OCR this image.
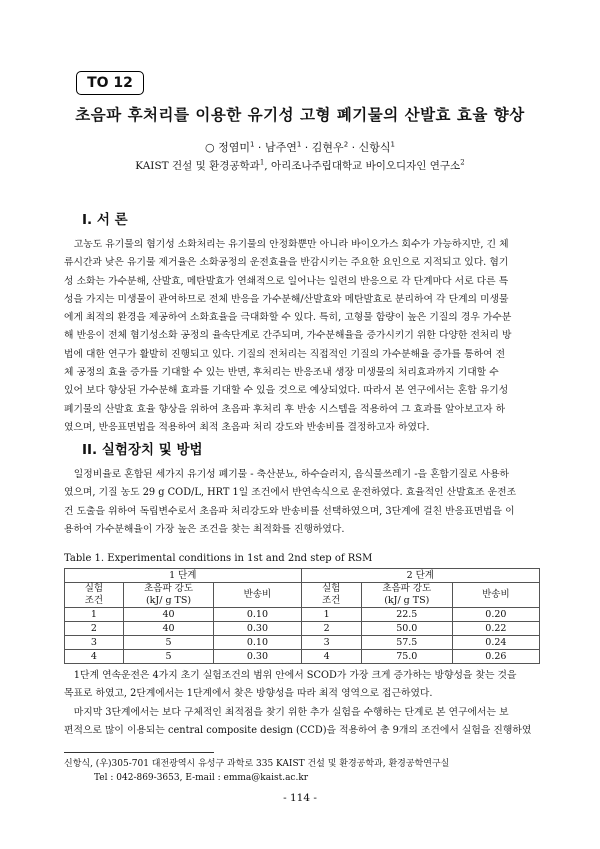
TO 12
초음파 후처리를 이용한 유기성 고형 폐기물의 산발효 효율 향상
○ 정염미$^1$ · 남주연$^1$ · 김현우$^2$ · 신항식$^1$
KAIST 건설 및 환경공학과$^1$, 아리조나주립대학교 바이오디자인 연구소$^2$
I. 서 론
　고농도 유기물의 혐기성 소화처리는 유기물의 안정화뿐만 아니라 바이오가스 회수가 가능하지만, 긴 체
류시간과 낮은 유기물 제거율은 소화공정의 운전효율을 반감시키는 주요한 요인으로 지적되고 있다. 혐기
성 소화는 가수분해, 산발효, 메탄발효가 연쇄적으로 일어나는 일련의 반응으로 각 단계마다 서로 다른 특
성을 가지는 미생물이 관여하므로 전체 반응을 가수분해/산발효와 메탄발효로 분리하여 각 단계의 미생물
에게 최적의 환경을 제공하여 소화효율을 극대화할 수 있다. 특히, 고형물 함량이 높은 기질의 경우 가수분
해 반응이 전체 혐기성소화 공정의 율속단계로 간주되며, 가수분해율을 증가시키기 위한 다양한 전처리 방
법에 대한 연구가 활발히 진행되고 있다. 기질의 전처리는 직접적인 기질의 가수분해율 증가를 통하여 전
체 공정의 효율 증가를 기대할 수 있는 반면, 후처리는 반응조내 생장 미생물의 처리효과까지 기대할 수
있어 보다 향상된 가수분해 효과를 기대할 수 있을 것으로 예상되었다. 따라서 본 연구에서는 혼합 유기성
폐기물의 산발효 효율 향상을 위하여 초음파 후처리 후 반송 시스템을 적용하여 그 효과를 알아보고자 하
였으며, 반응표면법을 적용하여 최적 초음파 처리 강도와 반송비를 결정하고자 하였다.
II. 실험장치 및 방법
　일정비율로 혼합된 세가지 유기성 폐기물 - 축산분뇨, 하수슬러지, 음식물쓰레기 -을 혼합기질로 사용하
였으며, 기질 농도 29 g COD/L, HRT 1일 조건에서 반연속식으로 운전하였다. 효율적인 산발효조 운전조
건 도출을 위하여 독립변수로서 초음파 처리강도와 반송비를 선택하였으며, 3단계에 걸친 반응표면법을 이
용하여 가수분해율이 가장 높은 조건을 찾는 최적화를 진행하였다.
Table 1. Experimental conditions in 1st and 2nd step of RSM
1 단계			2 단계		
실험
조건	초음파 강도
(kJ/ g TS)	반송비	실험
조건	초음파 강도
(kJ/ g TS)	반송비
1	40	0.10	1	22.5	0.20
2	40	0.30	2	50.0	0.22
3	5	0.10	3	57.5	0.24
4	5	0.30	4	75.0	0.26
　1단계 연속운전은 4가지 초기 실험조건의 범위 안에서 SCOD가 가장 크게 증가하는 방향성을 찾는 것을
목표로 하였고, 2단계에서는 1단계에서 찾은 방향성을 따라 최적 영역으로 접근하였다.
　마지막 3단계에서는 보다 구체적인 최적점을 찾기 위한 추가 실험을 수행하는 단계로 본 연구에서는 보
편적으로 많이 이용되는 central composite design (CCD)을 적용하여 총 9개의 조건에서 실험을 진행하였
신항식, (우)305-701 대전광역시 유성구 과학로 335 KAIST 건설 및 환경공학과, 환경공학연구실
Tel : 042-869-3653, E-mail : emma@kaist.ac.kr
- 114 -
